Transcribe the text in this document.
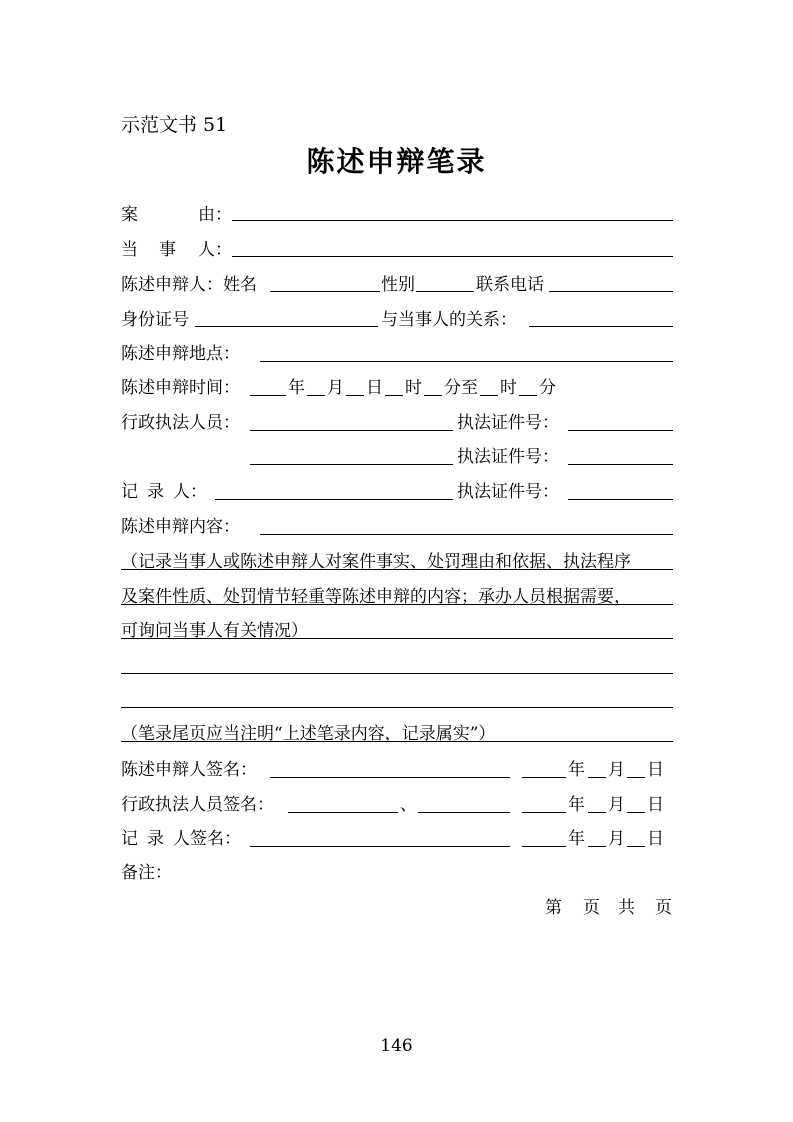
示范文书 51
陈述申辩笔录
案	由：
当 事 人：
陈述申辩人：姓名	性别	联系电话
身份证号	与当事人的关系：
陈述申辩地点：
陈述申辩时间：	年 月 日 时 分至 时 分
行政执法人员：	执法证件号：
执法证件号：
记 录 人：	执法证件号：
陈述申辩内容：
（记录当事人或陈述申辩人对案件事实、处罚理由和依据、执法程序
及案件性质、处罚情节轻重等陈述申辩的内容；承办人员根据需要，
可询问当事人有关情况）
（笔录尾页应当注明“上述笔录内容，记录属实”）
陈述申辩人签名：	年 月 日
行政执法人员签名：	、	年 月 日
记 录 人签名：	年 月 日
备注：
第 页 共 页
146
